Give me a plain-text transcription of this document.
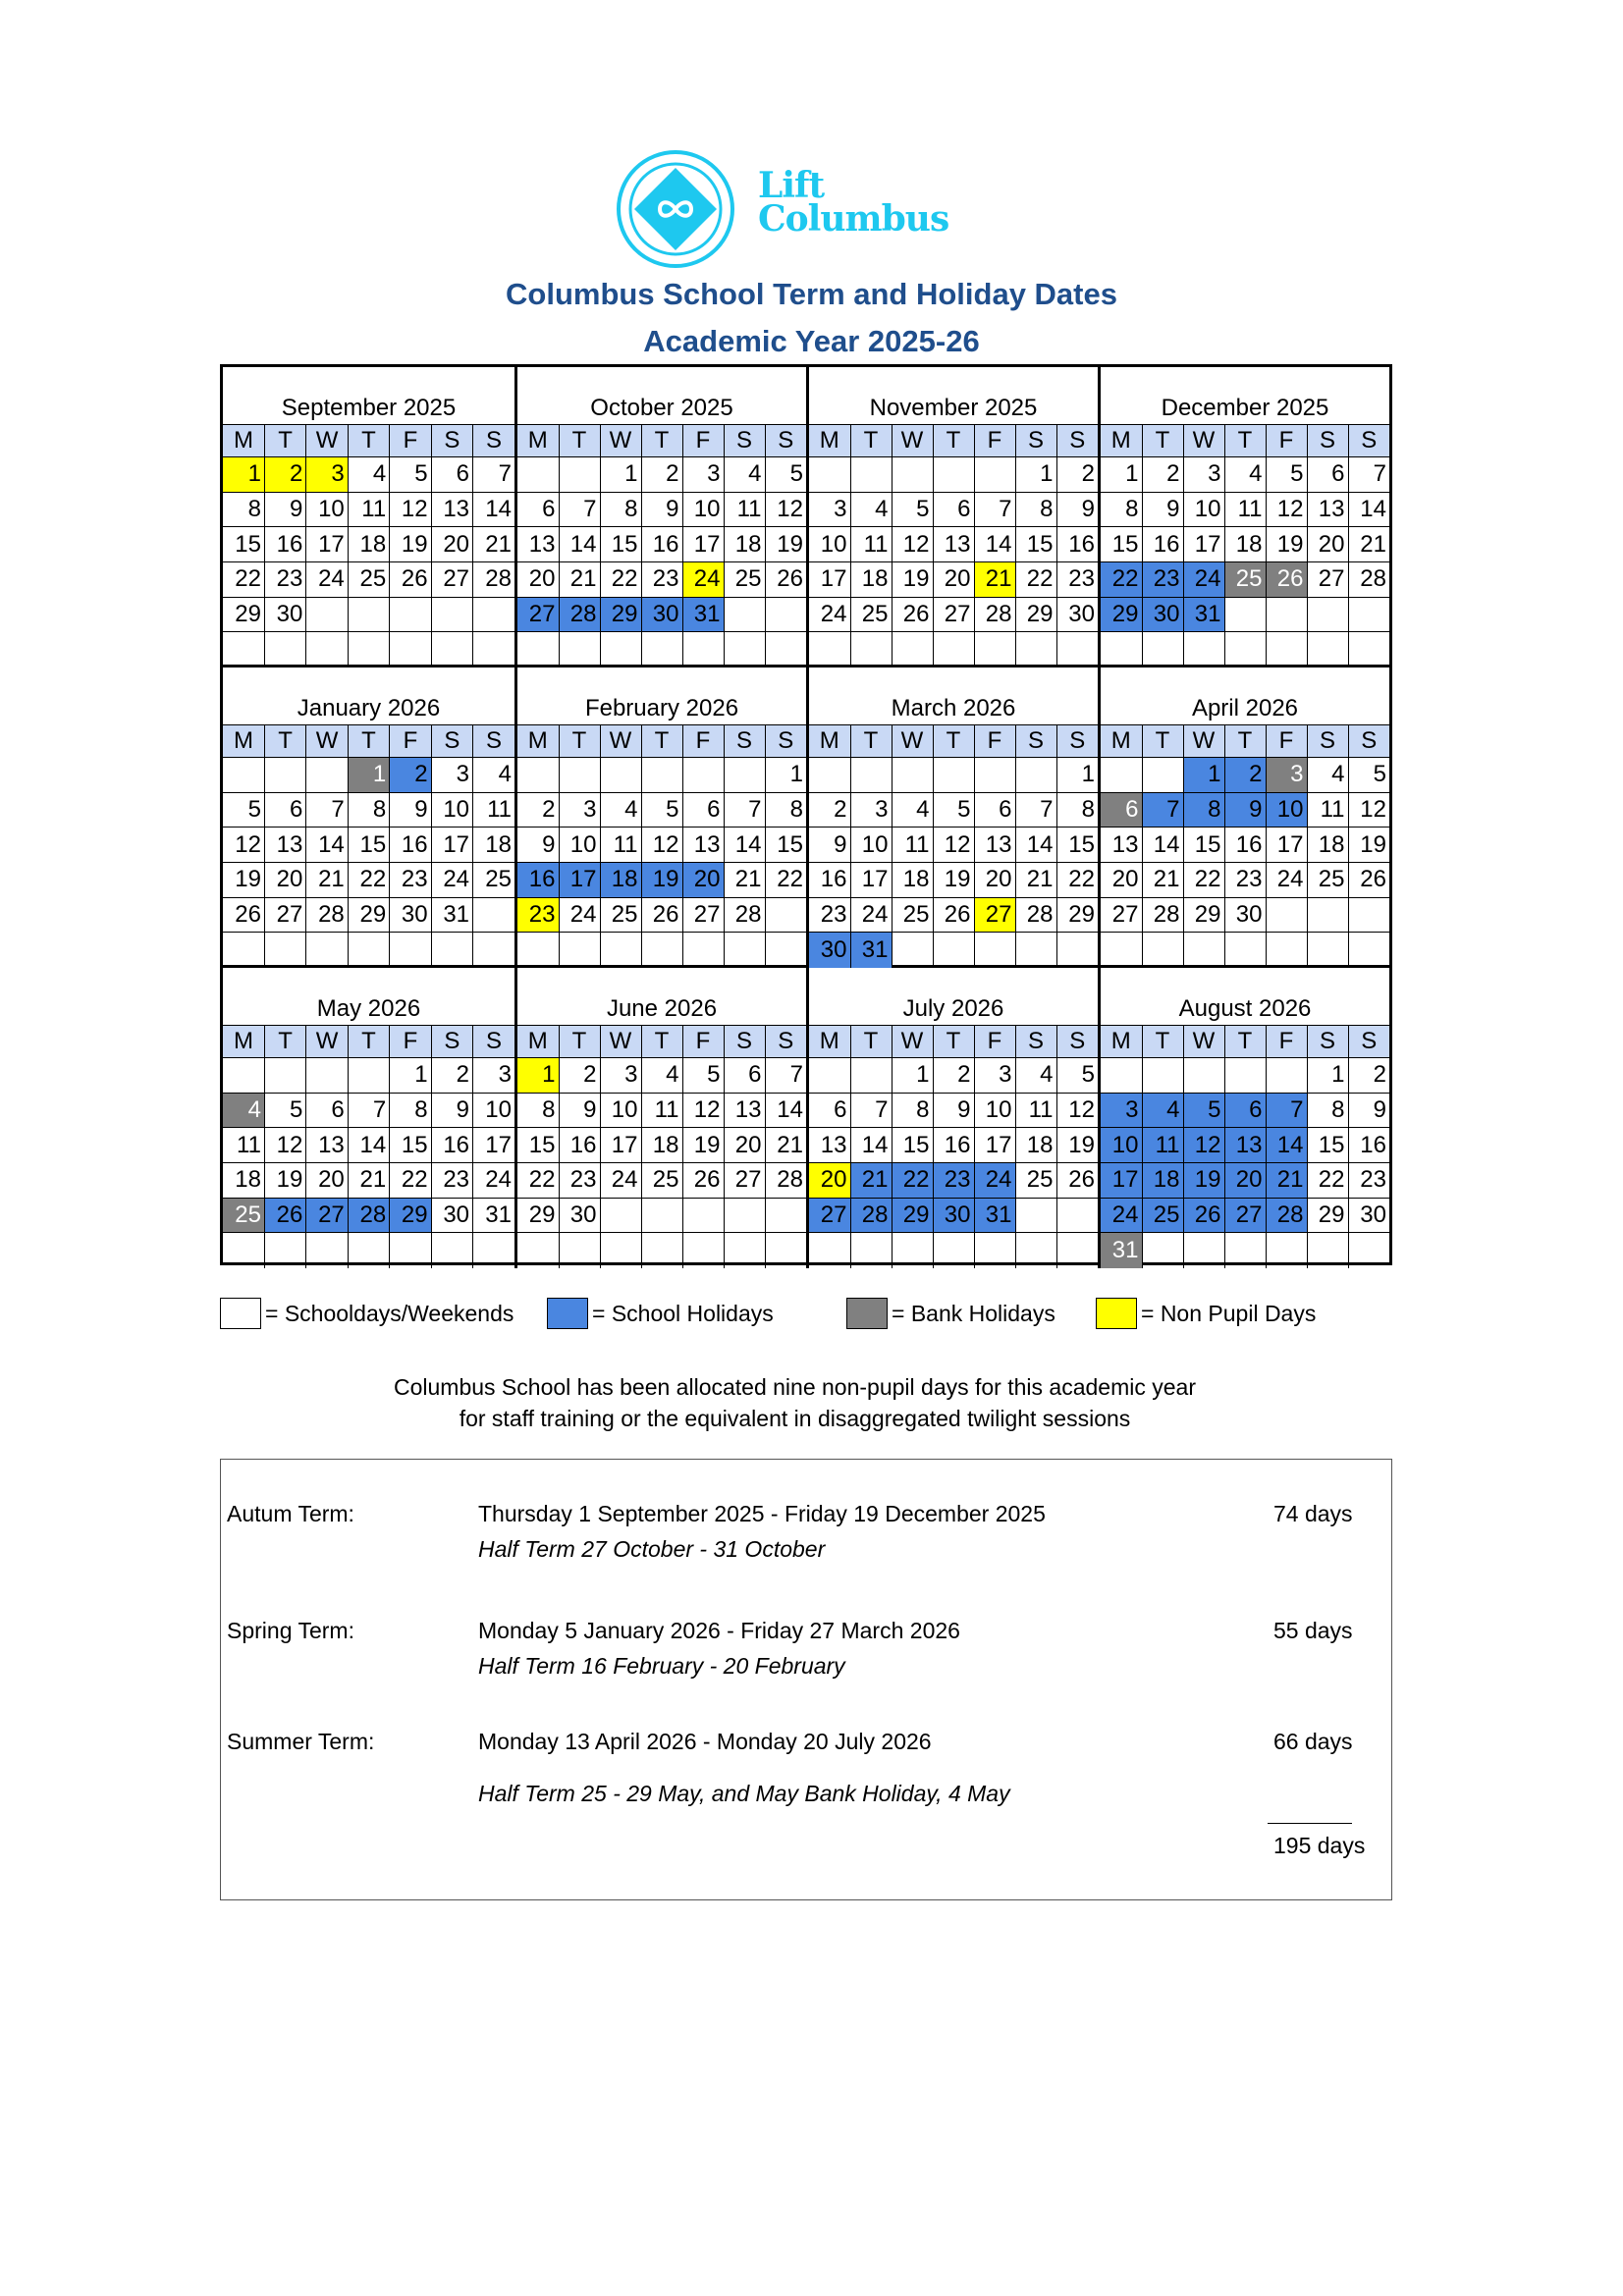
Lift
Columbus
Columbus School Term and Holiday Dates
Academic Year 2025-26
September 2025
M	T	W	T	F	S	S
1	2	3	4	5	6	7
8	9	10	11	12	13	14
15	16	17	18	19	20	21
22	23	24	25	26	27	28
29	30					

October 2025
M	T	W	T	F	S	S
		1	2	3	4	5
6	7	8	9	10	11	12
13	14	15	16	17	18	19
20	21	22	23	24	25	26
27	28	29	30	31		

November 2025
M	T	W	T	F	S	S
					1	2
3	4	5	6	7	8	9
10	11	12	13	14	15	16
17	18	19	20	21	22	23
24	25	26	27	28	29	30

December 2025
M	T	W	T	F	S	S
1	2	3	4	5	6	7
8	9	10	11	12	13	14
15	16	17	18	19	20	21
22	23	24	25	26	27	28
29	30	31				

January 2026
M	T	W	T	F	S	S
			1	2	3	4
5	6	7	8	9	10	11
12	13	14	15	16	17	18
19	20	21	22	23	24	25
26	27	28	29	30	31	

February 2026
M	T	W	T	F	S	S
						1
2	3	4	5	6	7	8
9	10	11	12	13	14	15
16	17	18	19	20	21	22
23	24	25	26	27	28	

March 2026
M	T	W	T	F	S	S
						1
2	3	4	5	6	7	8
9	10	11	12	13	14	15
16	17	18	19	20	21	22
23	24	25	26	27	28	29
30	31					
April 2026
M	T	W	T	F	S	S
		1	2	3	4	5
6	7	8	9	10	11	12
13	14	15	16	17	18	19
20	21	22	23	24	25	26
27	28	29	30			

May 2026
M	T	W	T	F	S	S
				1	2	3
4	5	6	7	8	9	10
11	12	13	14	15	16	17
18	19	20	21	22	23	24
25	26	27	28	29	30	31

June 2026
M	T	W	T	F	S	S
1	2	3	4	5	6	7
8	9	10	11	12	13	14
15	16	17	18	19	20	21
22	23	24	25	26	27	28
29	30					

July 2026
M	T	W	T	F	S	S
		1	2	3	4	5
6	7	8	9	10	11	12
13	14	15	16	17	18	19
20	21	22	23	24	25	26
27	28	29	30	31		

August 2026
M	T	W	T	F	S	S
					1	2
3	4	5	6	7	8	9
10	11	12	13	14	15	16
17	18	19	20	21	22	23
24	25	26	27	28	29	30
31						
= Schooldays/Weekends	= School Holidays	= Bank Holidays	= Non Pupil Days
Columbus School has been allocated nine non-pupil days for this academic year
for staff training or the equivalent in disaggregated twilight sessions
Autum Term:	Thursday 1 September 2025 - Friday 19 December 2025
Half Term 27 October - 31 October
74 days
Spring Term:	Monday 5 January 2026 - Friday 27 March 2026
Half Term 16 February - 20 February
55 days
Summer Term:	Monday 13 April 2026 - Monday 20 July 2026
Half Term 25 - 29 May, and May Bank Holiday, 4 May
66 days
195 days
